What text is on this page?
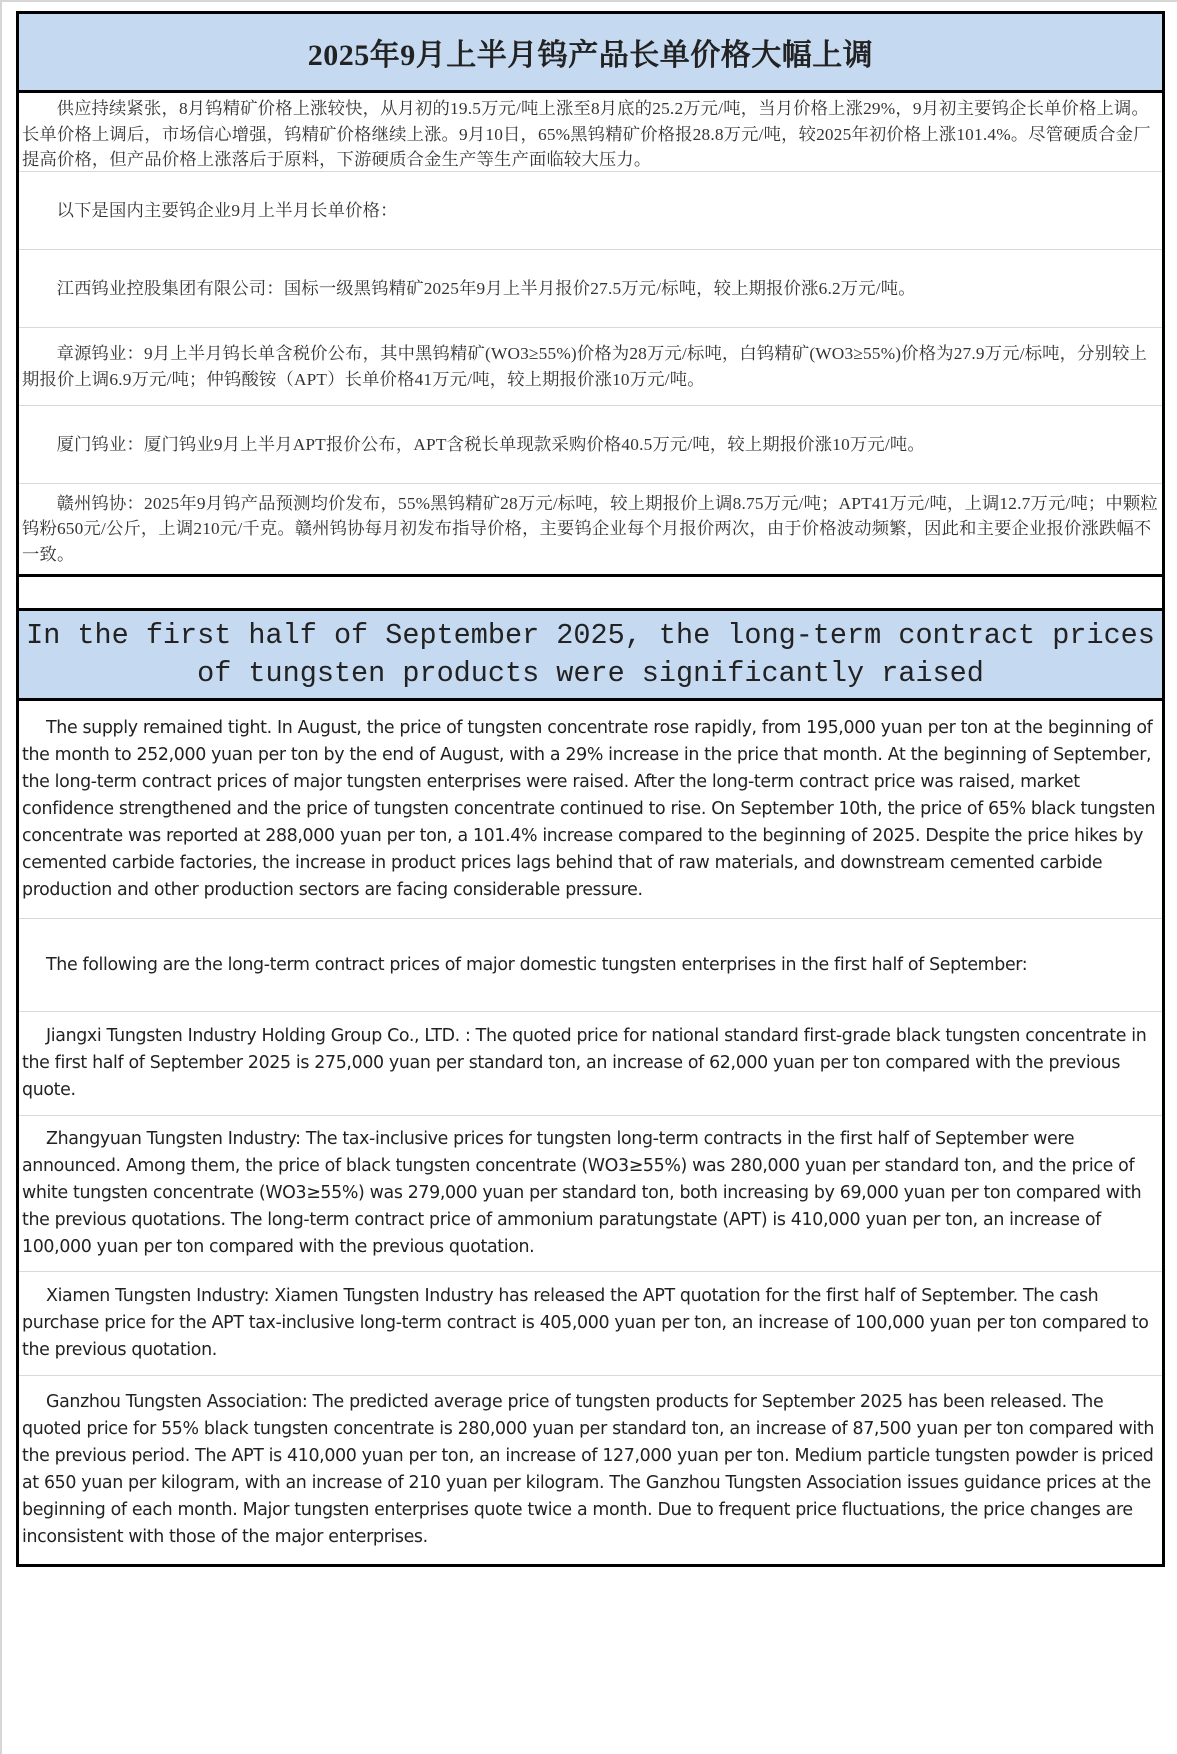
2025年9月上半月钨产品长单价格大幅上调

供应持续紧张，8月钨精矿价格上涨较快，从月初的19.5万元/吨上涨至8月底的25.2万元/吨，当月价格上涨29%，9月初主要钨企长单价格上调。长单价格上调后，市场信心增强，钨精矿价格继续上涨。9月10日，65%黑钨精矿价格报28.8万元/吨，较2025年初价格上涨101.4%。尽管硬质合金厂提高价格，但产品价格上涨落后于原料，下游硬质合金生产等生产面临较大压力。

以下是国内主要钨企业9月上半月长单价格：

江西钨业控股集团有限公司：国标一级黑钨精矿2025年9月上半月报价27.5万元/标吨，较上期报价涨6.2万元/吨。

章源钨业：9月上半月钨长单含税价公布，其中黑钨精矿(WO3≥55%)价格为28万元/标吨，白钨精矿(WO3≥55%)价格为27.9万元/标吨，分别较上期报价上调6.9万元/吨；仲钨酸铵（APT）长单价格41万元/吨，较上期报价涨10万元/吨。

厦门钨业：厦门钨业9月上半月APT报价公布，APT含税长单现款采购价格40.5万元/吨，较上期报价涨10万元/吨。

赣州钨协：2025年9月钨产品预测均价发布，55%黑钨精矿28万元/标吨，较上期报价上调8.75万元/吨；APT41万元/吨，上调12.7万元/吨；中颗粒钨粉650元/公斤，上调210元/千克。赣州钨协每月初发布指导价格，主要钨企业每个月报价两次，由于价格波动频繁，因此和主要企业报价涨跌幅不一致。

In the first half of September 2025, the long-term contract prices of tungsten products were significantly raised

The supply remained tight. In August, the price of tungsten concentrate rose rapidly, from 195,000 yuan per ton at the beginning of the month to 252,000 yuan per ton by the end of August, with a 29% increase in the price that month. At the beginning of September, the long-term contract prices of major tungsten enterprises were raised. After the long-term contract price was raised, market confidence strengthened and the price of tungsten concentrate continued to rise. On September 10th, the price of 65% black tungsten concentrate was reported at 288,000 yuan per ton, a 101.4% increase compared to the beginning of 2025. Despite the price hikes by cemented carbide factories, the increase in product prices lags behind that of raw materials, and downstream cemented carbide production and other production sectors are facing considerable pressure.

The following are the long-term contract prices of major domestic tungsten enterprises in the first half of September:

Jiangxi Tungsten Industry Holding Group Co., LTD. : The quoted price for national standard first-grade black tungsten concentrate in the first half of September 2025 is 275,000 yuan per standard ton, an increase of 62,000 yuan per ton compared with the previous quote.

Zhangyuan Tungsten Industry: The tax-inclusive prices for tungsten long-term contracts in the first half of September were announced. Among them, the price of black tungsten concentrate (WO3≥55%) was 280,000 yuan per standard ton, and the price of white tungsten concentrate (WO3≥55%) was 279,000 yuan per standard ton, both increasing by 69,000 yuan per ton compared with the previous quotations. The long-term contract price of ammonium paratungstate (APT) is 410,000 yuan per ton, an increase of 100,000 yuan per ton compared with the previous quotation.

Xiamen Tungsten Industry: Xiamen Tungsten Industry has released the APT quotation for the first half of September. The cash purchase price for the APT tax-inclusive long-term contract is 405,000 yuan per ton, an increase of 100,000 yuan per ton compared to the previous quotation.

Ganzhou Tungsten Association: The predicted average price of tungsten products for September 2025 has been released. The quoted price for 55% black tungsten concentrate is 280,000 yuan per standard ton, an increase of 87,500 yuan per ton compared with the previous period. The APT is 410,000 yuan per ton, an increase of 127,000 yuan per ton. Medium particle tungsten powder is priced at 650 yuan per kilogram, with an increase of 210 yuan per kilogram. The Ganzhou Tungsten Association issues guidance prices at the beginning of each month. Major tungsten enterprises quote twice a month. Due to frequent price fluctuations, the price changes are inconsistent with those of the major enterprises.
